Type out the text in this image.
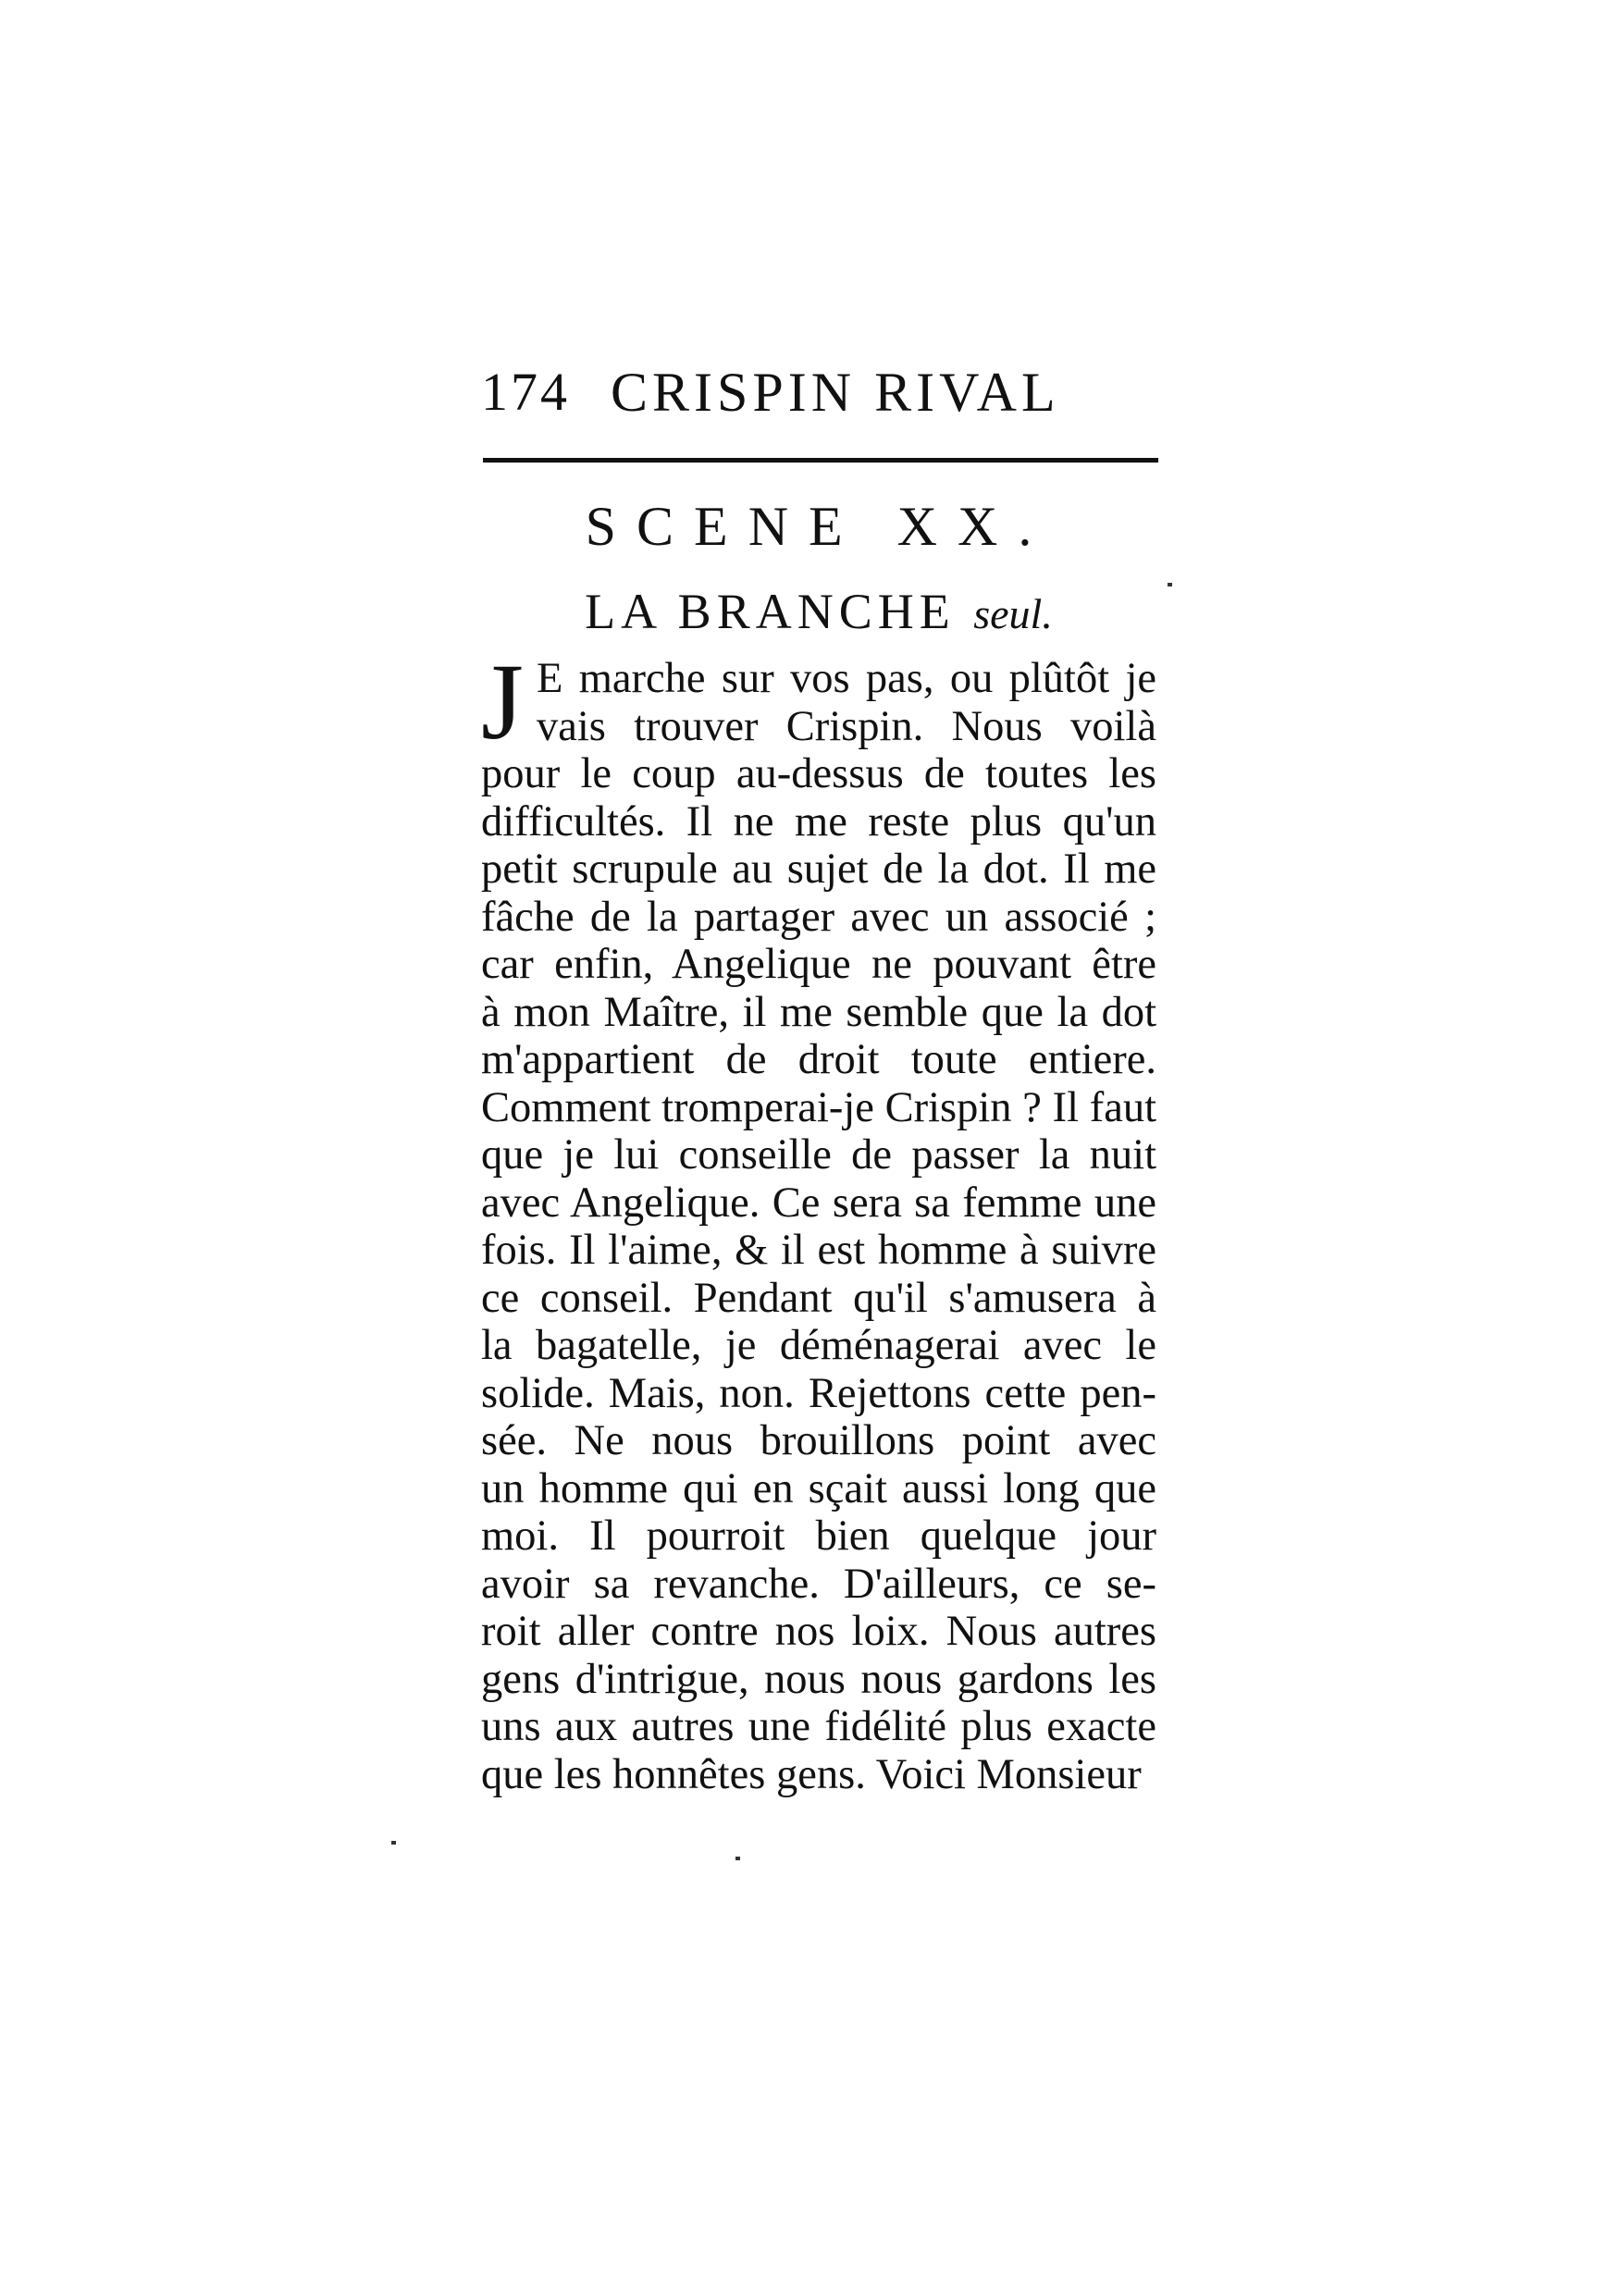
174 CRISPIN RIVAL
SCENE XX.
LA BRANCHE seul.
J E marche sur vos pas, ou plûtôt je
vais trouver Crispin. Nous voilà
pour le coup au-dessus de toutes les
difficultés. Il ne me reste plus qu'un
petit scrupule au sujet de la dot. Il me
fâche de la partager avec un associé ;
car enfin, Angelique ne pouvant être
à mon Maître, il me semble que la dot
m'appartient de droit toute entiere.
Comment tromperai-je Crispin ? Il faut
que je lui conseille de passer la nuit
avec Angelique. Ce sera sa femme une
fois. Il l'aime, & il est homme à suivre
ce conseil. Pendant qu'il s'amusera à
la bagatelle, je déménagerai avec le
solide. Mais, non. Rejettons cette pen-
sée. Ne nous brouillons point avec
un homme qui en sçait aussi long que
moi. Il pourroit bien quelque jour
avoir sa revanche. D'ailleurs, ce se-
roit aller contre nos loix. Nous autres
gens d'intrigue, nous nous gardons les
uns aux autres une fidélité plus exacte
que les honnêtes gens. Voici Monsieur
